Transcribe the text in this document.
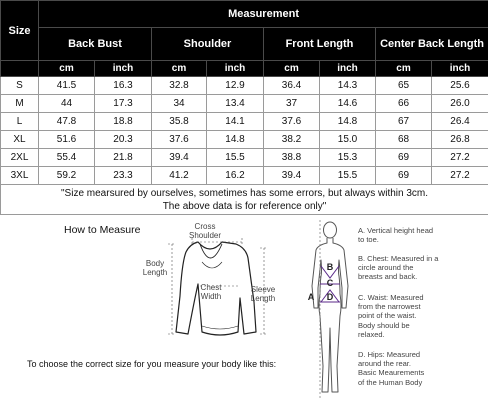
Size	Measurement							
	Back Bust		Shoulder		Front Length		Center Back Length	
	cm	inch	cm	inch	cm	inch	cm	inch
S	41.5	16.3	32.8	12.9	36.4	14.3	65	25.6
M	44	17.3	34	13.4	37	14.6	66	26.0
L	47.8	18.8	35.8	14.1	37.6	14.8	67	26.4
XL	51.6	20.3	37.6	14.8	38.2	15.0	68	26.8
2XL	55.4	21.8	39.4	15.5	38.8	15.3	69	27.2
3XL	59.2	23.3	41.2	16.2	39.4	15.5	69	27.2

"Size mearsured by ourselves, sometimes has some errors, but always within 3cm.
The above data is for reference only"								
How to Measure	Cross
Shoulder
Body
Length
Chest
Width
Sleeve
Length
To choose the correct size for you measure your body like this:
A
B
C
D
A. Vertical height head
to toe.
B. Chest: Measured in a
circle around the
breasts and back.
C. Waist: Measured
from the narrowest
point of the waist.
Body should be
relaxed.
D. Hips: Measured
around the rear.
Basic Meaurements
of the Human Body
